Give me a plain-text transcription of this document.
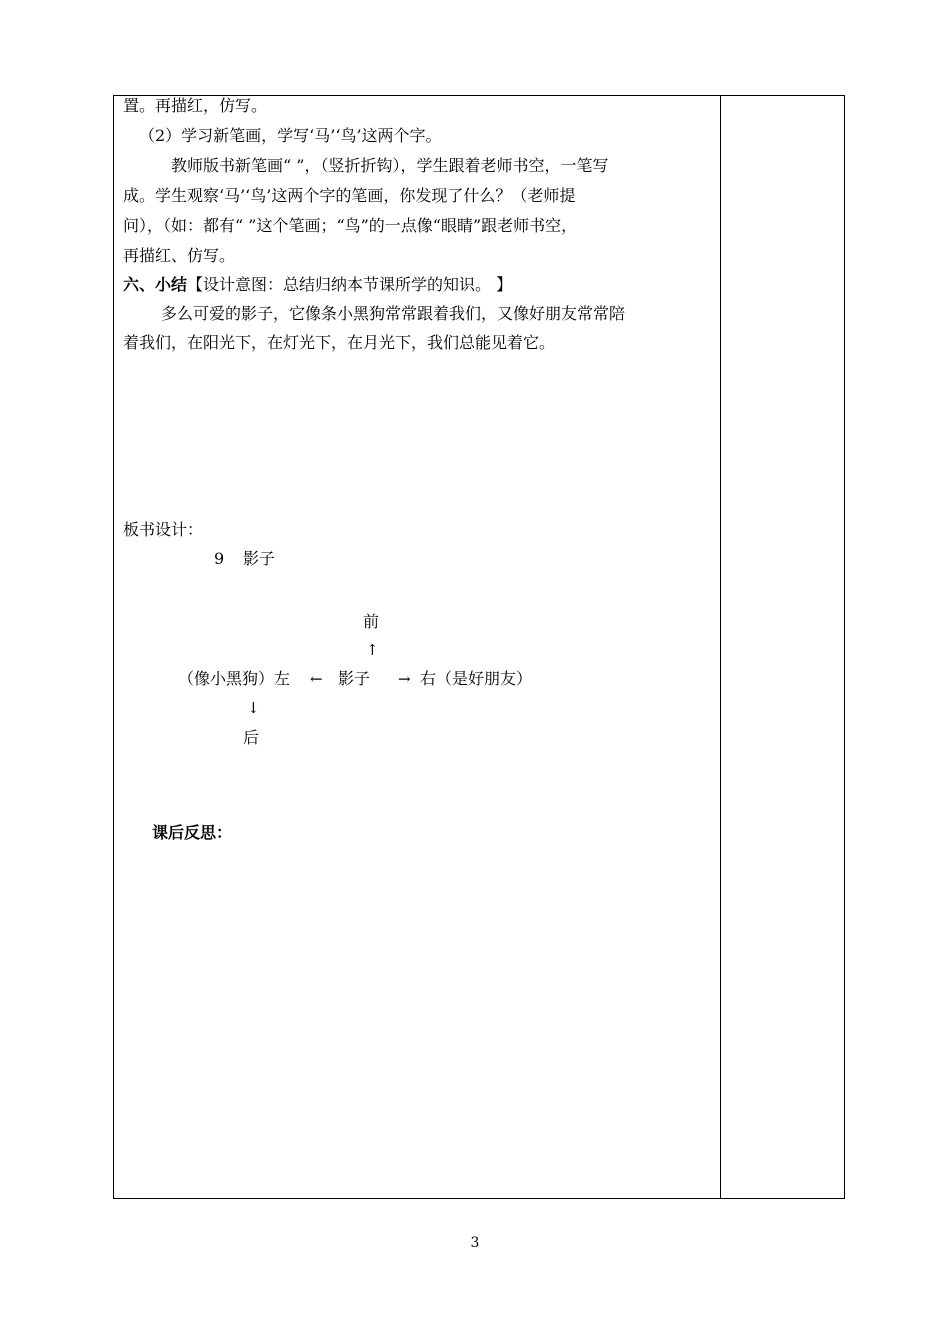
置。再描红，仿写。
（2）学习新笔画，学写‘马’‘鸟’这两个字。
教师版书新笔画“ ”，（竖折折钩），学生跟着老师书空，一笔写
成。学生观察‘马’‘鸟’这两个字的笔画，你发现了什么？（老师提
问），（如：都有“ ”这个笔画；“鸟”的一点像“眼睛”跟老师书空，
再描红、仿写。
六、小结【设计意图：总结归纳本节课所学的知识。 】
多么可爱的影子，它像条小黑狗常常跟着我们，又像好朋友常常陪
着我们，在阳光下，在灯光下，在月光下，我们总能见着它。
板书设计：
9 影子
前
↑
（像小黑狗）左 ← 影子 → 右（是好朋友）
↓
后
课后反思：
3
